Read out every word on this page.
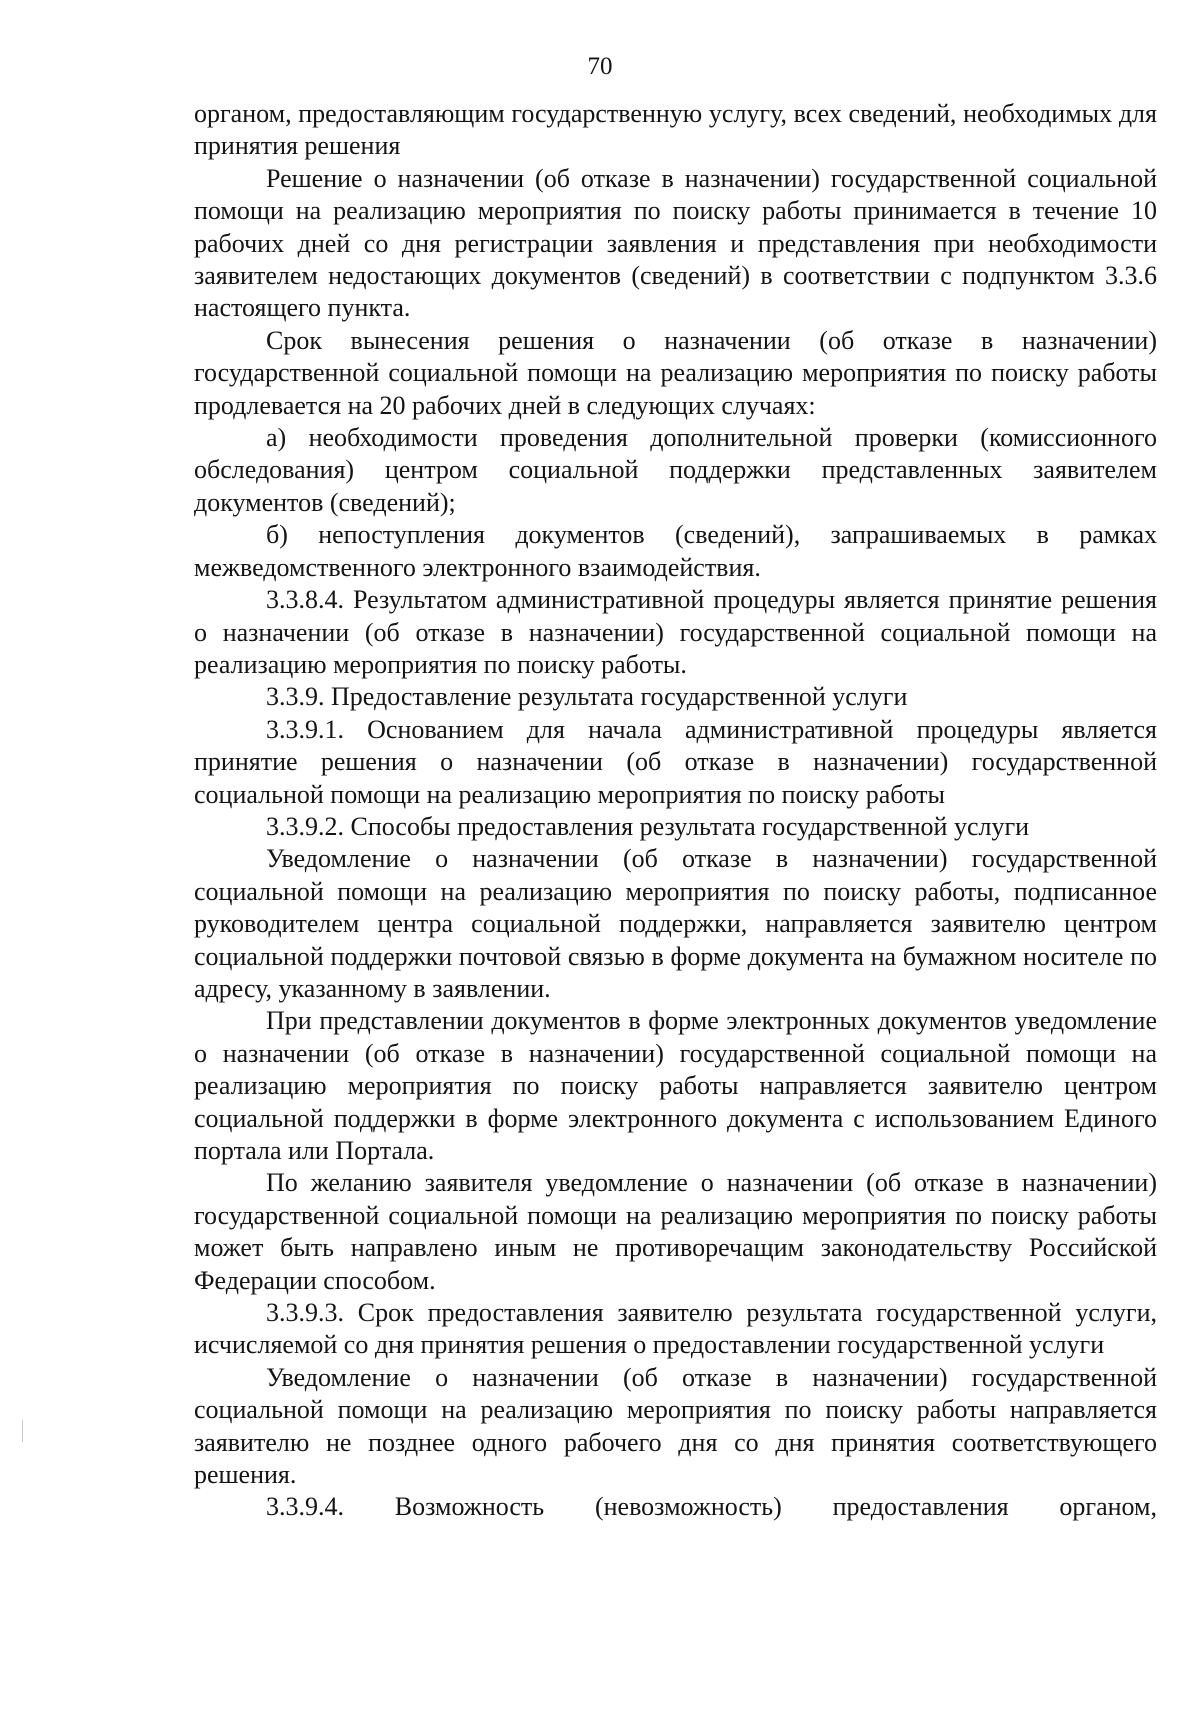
70

органом, предоставляющим государственную услугу, всех сведений, необходимых для принятия решения

Решение о назначении (об отказе в назначении) государственной социальной помощи на реализацию мероприятия по поиску работы принимается в течение 10 рабочих дней со дня регистрации заявления и представления при необходимости заявителем недостающих документов (сведений) в соответствии с подпунктом 3.3.6 настоящего пункта.

Срок вынесения решения о назначении (об отказе в назначении) государственной социальной помощи на реализацию мероприятия по поиску работы продлевается на 20 рабочих дней в следующих случаях:

а) необходимости проведения дополнительной проверки (комиссионного обследования) центром социальной поддержки представленных заявителем документов (сведений);

б) непоступления документов (сведений), запрашиваемых в рамках межведомственного электронного взаимодействия.

3.3.8.4. Результатом административной процедуры является принятие решения о назначении (об отказе в назначении) государственной социальной помощи на реализацию мероприятия по поиску работы.

3.3.9. Предоставление результата государственной услуги

3.3.9.1. Основанием для начала административной процедуры является принятие решения о назначении (об отказе в назначении) государственной социальной помощи на реализацию мероприятия по поиску работы

3.3.9.2. Способы предоставления результата государственной услуги

Уведомление о назначении (об отказе в назначении) государственной социальной помощи на реализацию мероприятия по поиску работы, подписанное руководителем центра социальной поддержки, направляется заявителю центром социальной поддержки почтовой связью в форме документа на бумажном носителе по адресу, указанному в заявлении.

При представлении документов в форме электронных документов уведомление о назначении (об отказе в назначении) государственной социальной помощи на реализацию мероприятия по поиску работы направляется заявителю центром социальной поддержки в форме электронного документа с использованием Единого портала или Портала.

По желанию заявителя уведомление о назначении (об отказе в назначении) государственной социальной помощи на реализацию мероприятия по поиску работы может быть направлено иным не противоречащим законодательству Российской Федерации способом.

3.3.9.3. Срок предоставления заявителю результата государственной услуги, исчисляемой со дня принятия решения о предоставлении государственной услуги

Уведомление о назначении (об отказе в назначении) государственной социальной помощи на реализацию мероприятия по поиску работы направляется заявителю не позднее одного рабочего дня со дня принятия соответствующего решения.

3.3.9.4. Возможность (невозможность) предоставления органом,
